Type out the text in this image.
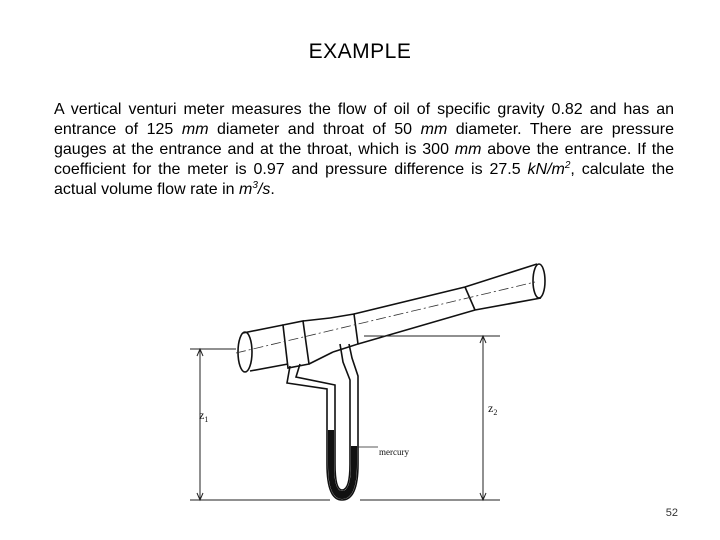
EXAMPLE
A vertical venturi meter measures the flow of oil of specific gravity 0.82 and has an entrance of 125 mm diameter and throat of 50 mm diameter. There are pressure gauges at the entrance and at the throat, which is 300 mm above the entrance. If the coefficient for the meter is 0.97 and pressure difference is 27.5 $kN/m^2$, calculate the actual volume flow rate in $m^3/s$.
$z_1$
$z_2$
mercury
52
